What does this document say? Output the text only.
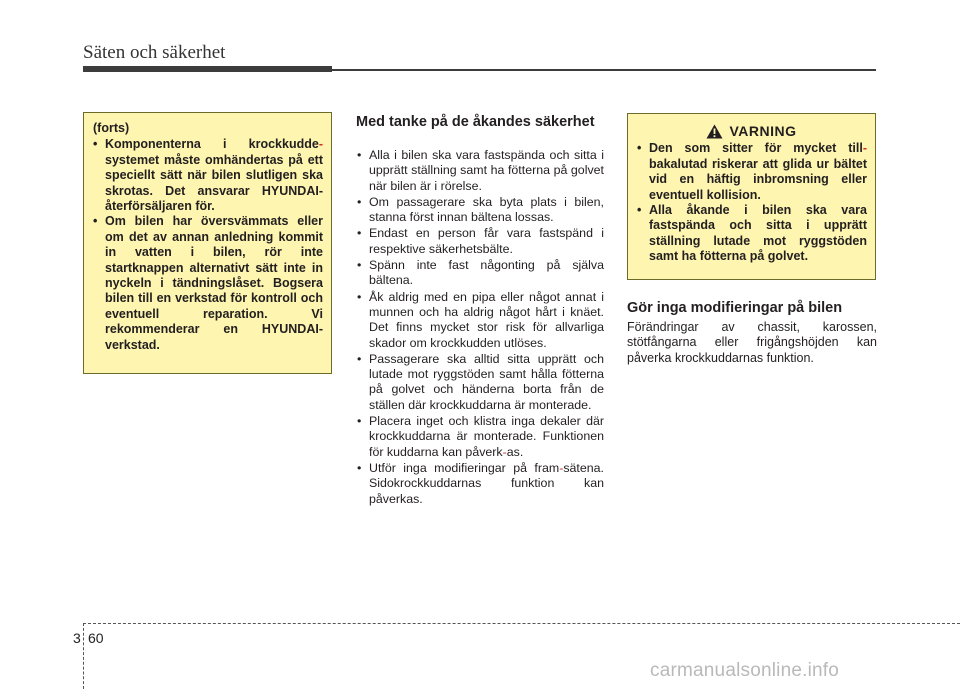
Säten och säkerhet
(forts)
• Komponenterna i krockkudde-systemet måste omhändertas på ett speciellt sätt när bilen slutligen ska skrotas. Det ansvarar HYUNDAI-återförsäljaren för.
• Om bilen har översvämmats eller om det av annan anledning kommit in vatten i bilen, rör inte startknappen alternativt sätt inte in nyckeln i tändningslåset. Bogsera bilen till en verkstad för kontroll och eventuell reparation. Vi rekommenderar en HYUNDAI-verkstad.
Med tanke på de åkandes säkerhet
• Alla i bilen ska vara fastspända och sitta i upprätt ställning samt ha fötterna på golvet när bilen är i rörelse.
• Om passagerare ska byta plats i bilen, stanna först innan bältena lossas.
• Endast en person får vara fastspänd i respektive säkerhetsbälte.
• Spänn inte fast någonting på själva bältena.
• Åk aldrig med en pipa eller något annat i munnen och ha aldrig något hårt i knäet. Det finns mycket stor risk för allvarliga skador om krockkudden utlöses.
• Passagerare ska alltid sitta upprätt och lutade mot ryggstöden samt hålla fötterna på golvet och händerna borta från de ställen där krockkuddarna är monterade.
• Placera inget och klistra inga dekaler där krockkuddarna är monterade. Funktionen för kuddarna kan påverk-as.
• Utför inga modifieringar på fram-sätena. Sidokrockkuddarnas funktion kan påverkas.
VARNING
• Den som sitter för mycket till-bakalutad riskerar att glida ur bältet vid en häftig inbromsning eller eventuell kollision.
• Alla åkande i bilen ska vara fastspända och sitta i upprätt ställning lutade mot ryggstöden samt ha fötterna på golvet.
Gör inga modifieringar på bilen
Förändringar av chassit, karossen, stötfångarna eller frigångshöjden kan påverka krockkuddarnas funktion.
3 60
carmanualsonline.info
